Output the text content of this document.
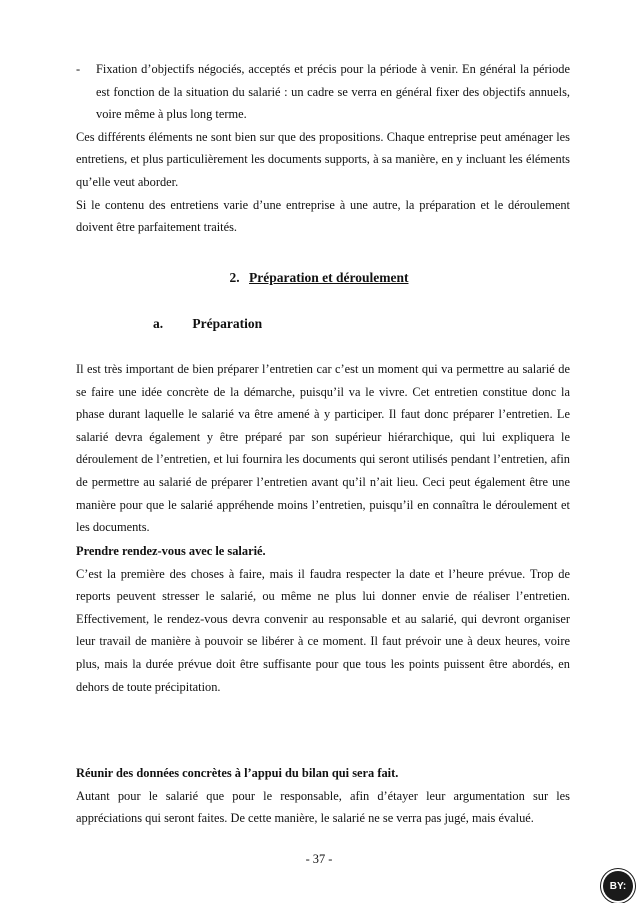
- Fixation d’objectifs négociés, acceptés et précis pour la période à venir. En général la période est fonction de la situation du salarié : un cadre se verra en général fixer des objectifs annuels, voire même à plus long terme.

Ces différents éléments ne sont bien sur que des propositions. Chaque entreprise peut aménager les entretiens, et plus particulièrement les documents supports, à sa manière, en y incluant les éléments qu’elle veut aborder.

Si le contenu des entretiens varie d’une entreprise à une autre, la préparation et le déroulement doivent être parfaitement traités.

2. Préparation et déroulement
a. Préparation

Il est très important de bien préparer l’entretien car c’est un moment qui va permettre au salarié de se faire une idée concrète de la démarche, puisqu’il va le vivre. Cet entretien constitue donc la phase durant laquelle le salarié va être amené à y participer. Il faut donc préparer l’entretien. Le salarié devra également y être préparé par son supérieur hiérarchique, qui lui expliquera le déroulement de l’entretien, et lui fournira les documents qui seront utilisés pendant l’entretien, afin de permettre au salarié de préparer l’entretien avant qu’il n’ait lieu. Ceci peut également être une manière pour que le salarié appréhende moins l’entretien, puisqu’il en connaîtra le déroulement et les documents.

Prendre rendez-vous avec le salarié.

C’est la première des choses à faire, mais il faudra respecter la date et l’heure prévue. Trop de reports peuvent stresser le salarié, ou même ne plus lui donner envie de réaliser l’entretien. Effectivement, le rendez-vous devra convenir au responsable et au salarié, qui devront organiser leur travail de manière à pouvoir se libérer à ce moment. Il faut prévoir une à deux heures, voire plus, mais la durée prévue doit être suffisante pour que tous les points puissent être abordés, en dehors de toute précipitation.

Réunir des données concrètes à l’appui du bilan qui sera fait.

Autant pour le salarié que pour le responsable, afin d’étayer leur argumentation sur les appréciations qui seront faites. De cette manière, le salarié ne se verra pas jugé, mais évalué.

- 37 -
BY:
